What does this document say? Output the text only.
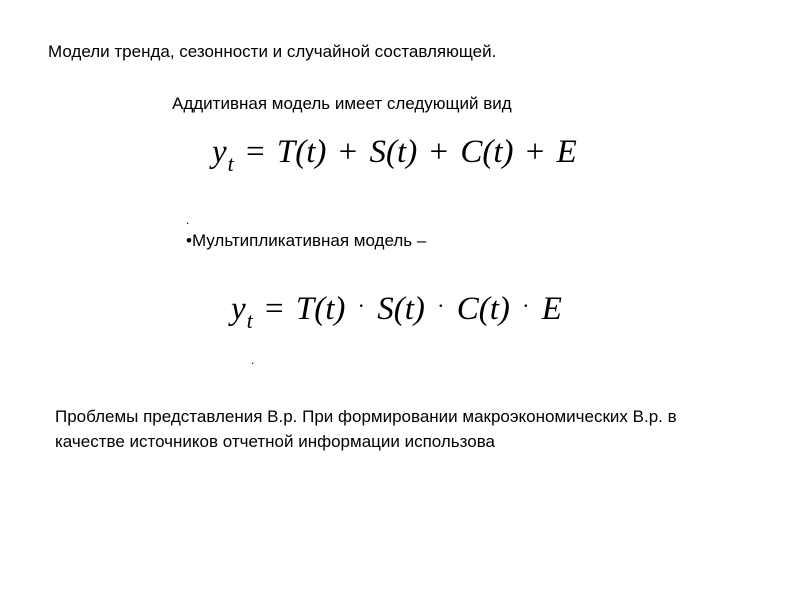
Модели тренда, сезонности и случайной составляющей.
Аддитивная модель имеет следующий вид
$y_t = T(t) + S(t) + C(t) + E$
.
•Мультипликативная модель –
$y_t = T(t) \cdot S(t) \cdot C(t) \cdot E$
.
Проблемы представления В.р. При формировании макроэкономических В.р. в качестве источников отчетной информации использова
